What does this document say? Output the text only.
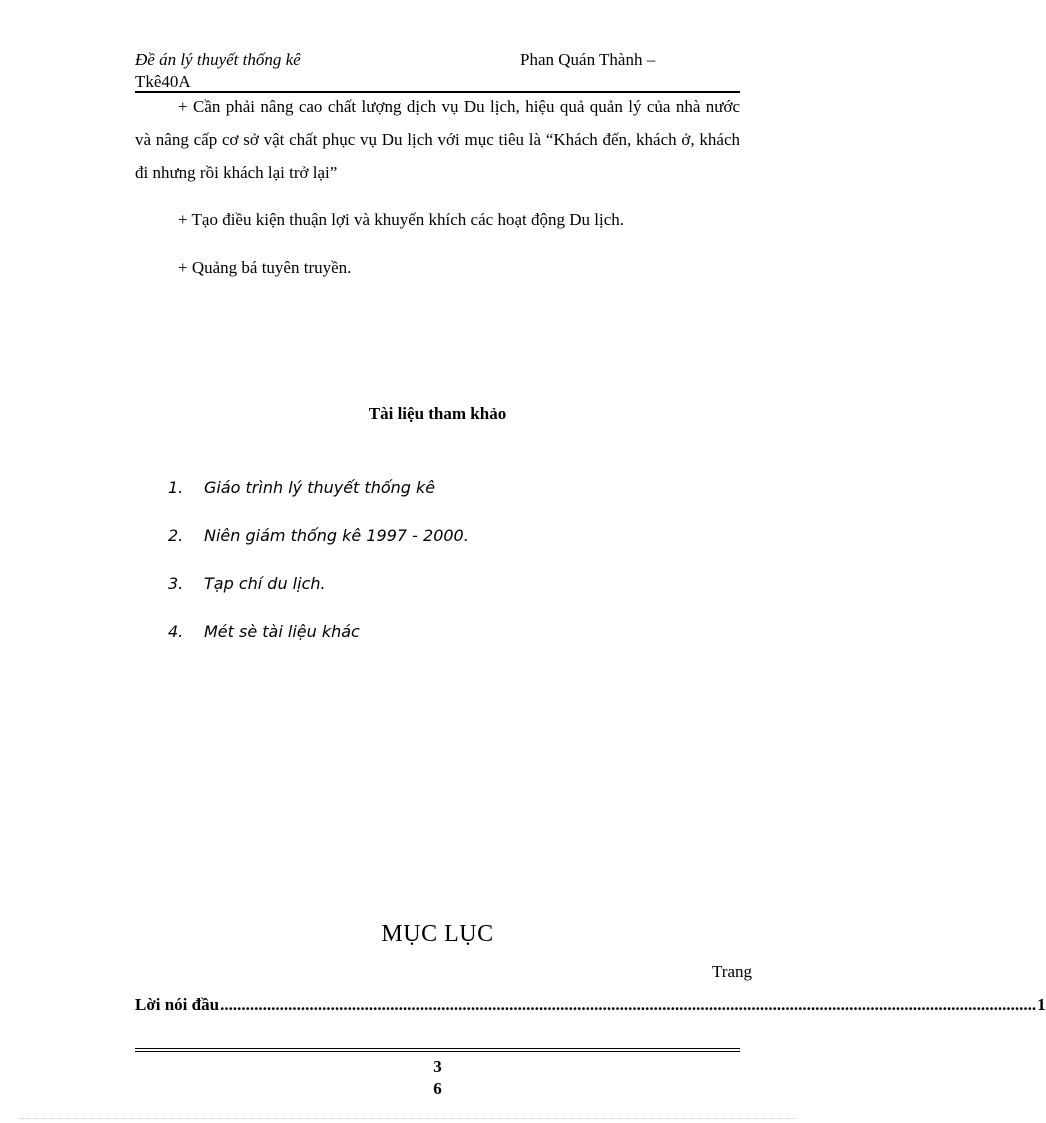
Đề án lý thuyết thống kê	Phan Quán Thành –
Tkê40A
+ Cần phải nâng cao chất lượng dịch vụ Du lịch, hiệu quả quản lý của nhà nước và nâng cấp cơ sở vật chất phục vụ Du lịch với mục tiêu là “Khách đến, khách ở, khách đi nhưng rồi khách lại trở lại”
+ Tạo điều kiện thuận lợi và khuyến khích các hoạt động Du lịch.
+ Quảng bá tuyên truyền.
Tài liệu tham khảo
1. Giáo trình lý thuyết thống kê
2. Niên giám thống kê 1997 - 2000.
3. Tạp chí du lịch.
4. Mét sè tài liệu khác
MỤC LỤC
Trang
Lời nói đầu ................................................................................................................................................................................................ 1
3
6
